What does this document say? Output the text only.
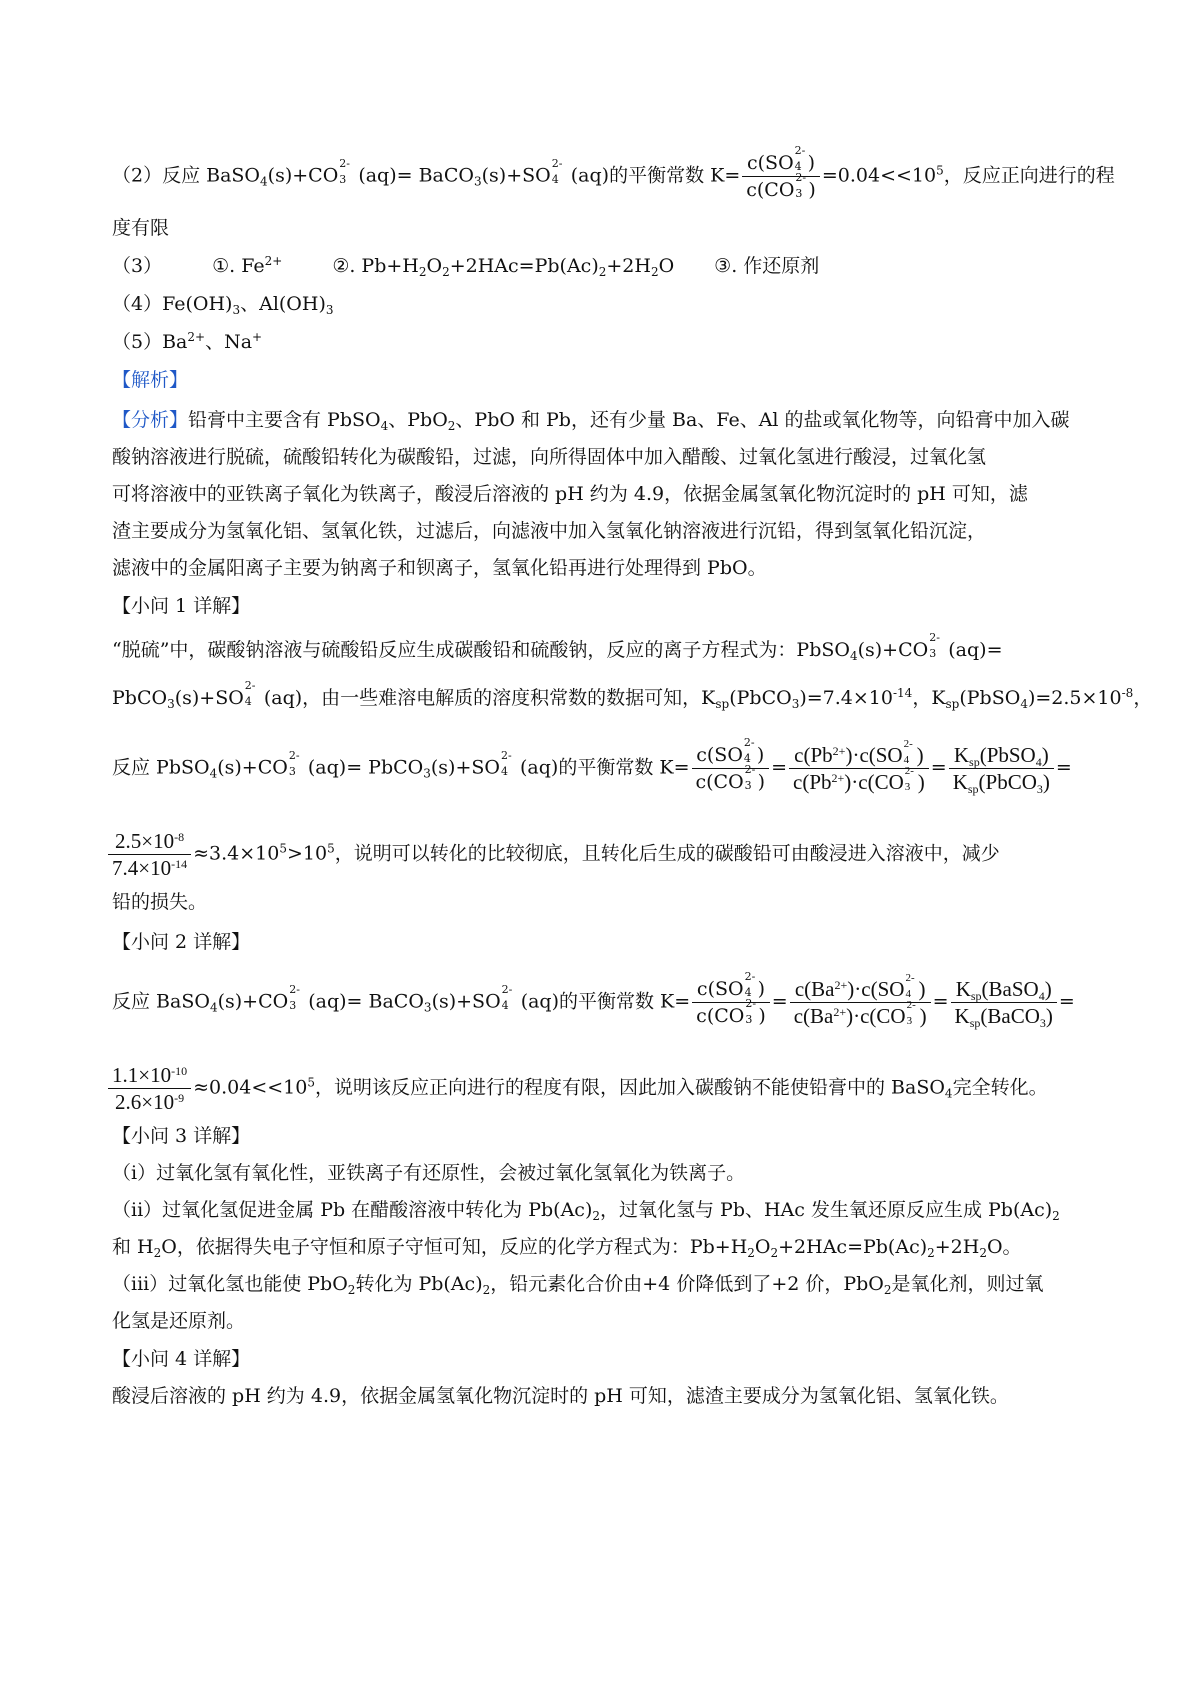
（2）反应 BaSO$_4$(s)+CO
2-
3 (aq)= BaCO$_3$(s)+SO
2-
4 (aq)的平衡常数 K= c(SO
2-
4 )
c(CO
2-
3 ) $=0.04<<10^5$，反应正向进行的程
度有限
（3）	①. $Fe^{2+}$	②. $Pb+H_2O_2+2HAc=Pb(Ac)_2+2H_2O$ ③. 作还原剂
$(4)Fe(OH)_3$、$Al(OH)_3$
$(5)Ba^{2+}$、Na+
【解析】
【分析】铅膏中主要含有 PbSO$_4$、PbO$_2$、PbO 和 Pb，还有少量 Ba、Fe、Al 的盐或氧化物等，向铅膏中加入碳
酸钠溶液进行脱硫，硫酸铅转化为碳酸铅，过滤，向所得固体中加入醋酸、过氧化氢进行酸浸，过氧化氢
可将溶液中的亚铁离子氧化为铁离子，酸浸后溶液的 pH 约为 4.9，依据金属氢氧化物沉淀时的 pH 可知，滤
渣主要成分为氢氧化铝、氢氧化铁，过滤后，向滤液中加入氢氧化钠溶液进行沉铅，得到氢氧化铅沉淀，
滤液中的金属阳离子主要为钠离子和钡离子，氢氧化铅再进行处理得到 PbO。
【小问 1 详解】
“脱硫”中，碳酸钠溶液与硫酸铅反应生成碳酸铅和硫酸钠，反应的离子方程式为：PbSO$_4$(s)+CO
2-
3 (aq)=
PbCO$_3$(s)+SO
2-
4 (aq)，由一些难溶电解质的溶度积常数的数据可知，$K_{sp}(PbCO_3)=7.4\times 10^{-14}$，$K_{sp}(PbSO_4)=2.5\times 10^{-8}$，
反应 PbSO$_4$(s)+CO
2-
3 (aq)= PbCO$_3$(s)+SO
2-
4 (aq)的平衡常数 K= c(SO
2-
4 )
c(CO
2-
3 ) = $c(Pb^{2+})\cdot c(SO$ 2-
4 )
$c(Pb^{2+})\cdot c(CO$ 2-
3 ) =
$K_{sp}(PbSO_4)$
$K_{sp}(PbCO_3)$
=
$\frac{2.5\times 10^{-8}}{7.4\times 10^{-14}} \approx 3.4\times 10^5>10^5$，说明可以转化的比较彻底，且转化后生成的碳酸铅可由酸浸进入溶液中，减少
铅的损失。
【小问 2 详解】
反应 BaSO$_4$(s)+CO
2-
3 (aq)= BaCO$_3$(s)+SO
2-
4 (aq)的平衡常数 K= c(SO
2-
4 )
c(CO
2-
3 ) = $c(Ba^{2+})\cdot c(SO$ 2-
4 )
$c(Ba^{2+})\cdot c(CO$ 2-
3 ) =
$K_{sp}(BaSO_4)$
$K_{sp}(BaCO_3)$
=
$\frac{1.1\times 10^{-10}}{2.6\times 10^{-9}} \approx 0.04<<10^5$，说明该反应正向进行的程度有限，因此加入碳酸钠不能使铅膏中的 BaSO$_4$完全转化。
【小问 3 详解】
（i）过氧化氢有氧化性，亚铁离子有还原性，会被过氧化氢氧化为铁离子。
（ii）过氧化氢促进金属 Pb 在醋酸溶液中转化为 $Pb(Ac)_2$，过氧化氢与 Pb、HAc 发生氧还原反应生成 $Pb(Ac)_2$
和 $H_2O$，依据得失电子守恒和原子守恒可知，反应的化学方程式为：$Pb+H_2O_2+2HAc=Pb(Ac)_2+2H_2O$。
（iii）过氧化氢也能使 PbO$_2$转化为 $Pb(Ac)_2$，铅元素化合价由+4 价降低到了+2 价，PbO$_2$是氧化剂，则过氧
化氢是还原剂。
【小问 4 详解】
酸浸后溶液的 pH 约为 4.9，依据金属氢氧化物沉淀时的 pH 可知，滤渣主要成分为氢氧化铝、氢氧化铁。
